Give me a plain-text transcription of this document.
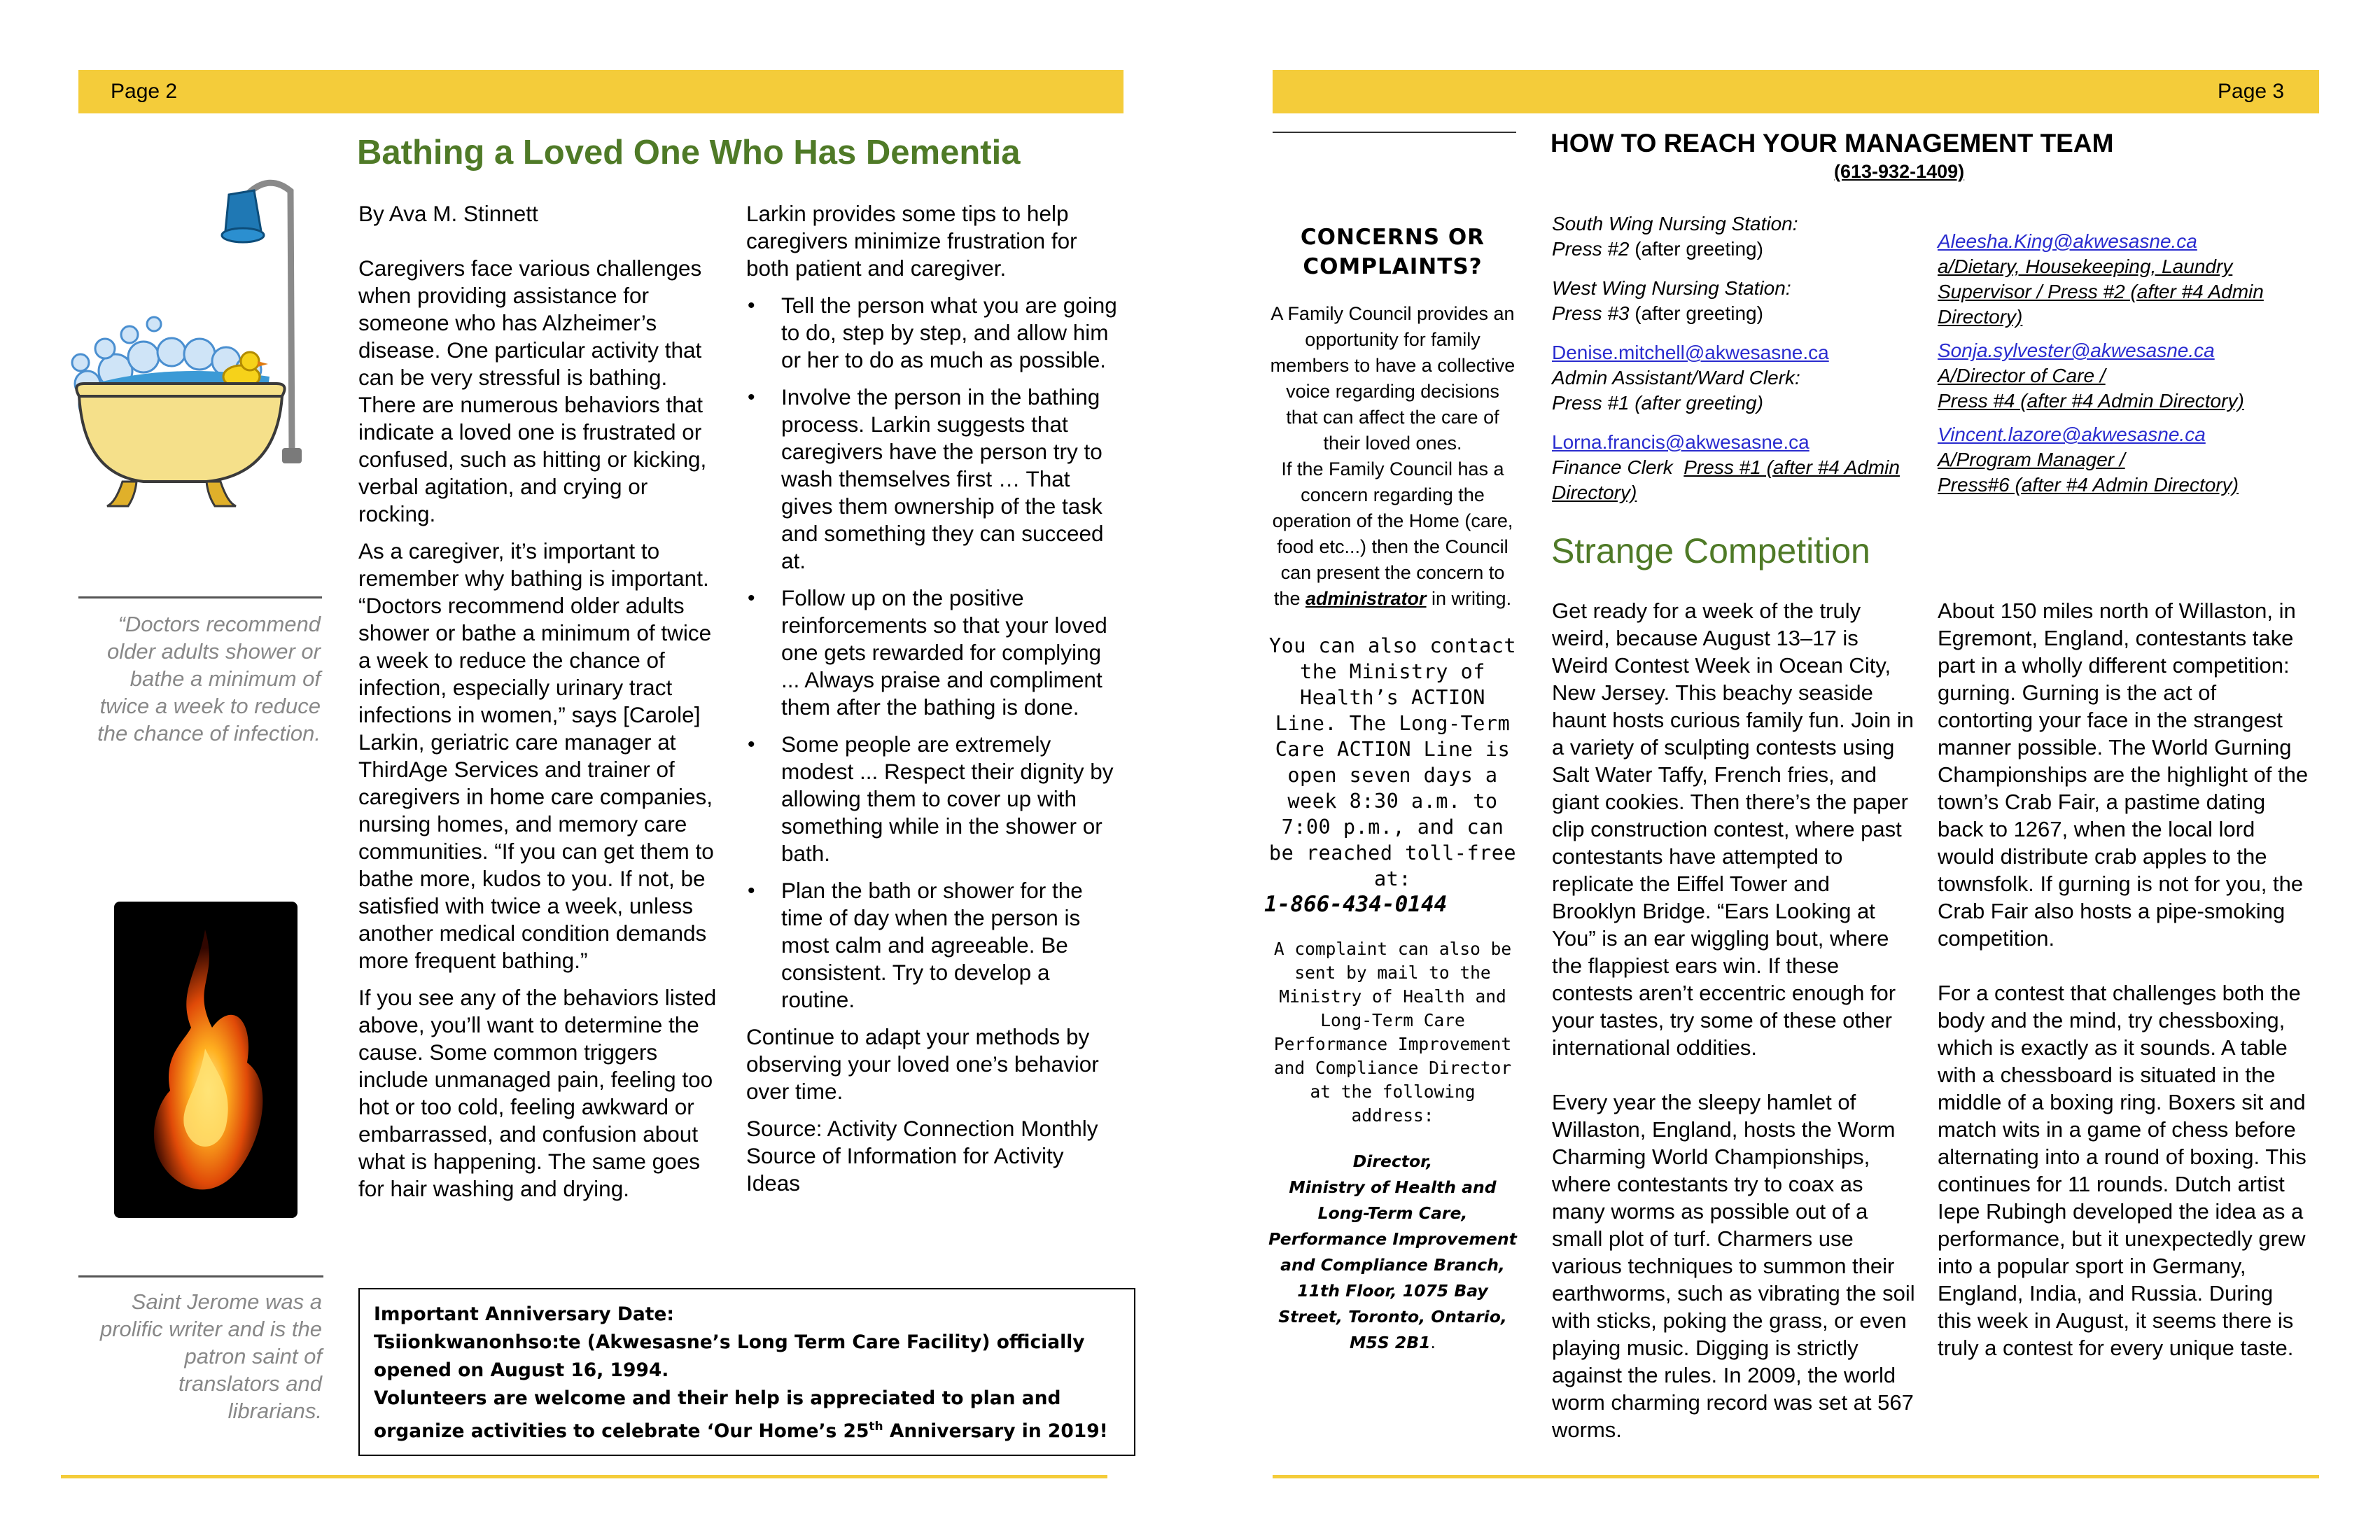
Page 2
Bathing a Loved One Who Has Dementia

By Ava M. Stinnett

Caregivers face various challenges when providing assistance for someone who has Alzheimer’s disease. One particular activity that can be very stressful is bathing. There are numerous behaviors that indicate a loved one is frustrated or confused, such as hitting or kicking, verbal agitation, and crying or rocking.

As a caregiver, it’s important to remember why bathing is important. “Doctors recommend older adults shower or bathe a minimum of twice a week to reduce the chance of infection, especially urinary tract infections in women,” says [Carole] Larkin, geriatric care manager at ThirdAge Services and trainer of caregivers in home care companies, nursing homes, and memory care communities. “If you can get them to bathe more, kudos to you. If not, be satisfied with twice a week, unless another medical condition demands more frequent bathing.”

If you see any of the behaviors listed above, you’ll want to determine the cause. Some common triggers include unmanaged pain, feeling too hot or too cold, feeling awkward or embarrassed, and confusion about what is happening. The same goes for hair washing and drying.

Larkin provides some tips to help caregivers minimize frustration for both patient and caregiver.

• Tell the person what you are going to do, step by step, and allow him or her to do as much as possible.
• Involve the person in the bathing process. Larkin suggests that caregivers have the person try to wash themselves first … That gives them ownership of the task and something they can succeed at.
• Follow up on the positive reinforcements so that your loved one gets rewarded for complying ... Always praise and compliment them after the bathing is done.
• Some people are extremely modest ... Respect their dignity by allowing them to cover up with something while in the shower or bath.
• Plan the bath or shower for the time of day when the person is most calm and agreeable. Be consistent. Try to develop a routine.

Continue to adapt your methods by observing your loved one’s behavior over time.

Source: Activity Connection Monthly Source of Information for Activity Ideas

“Doctors recommend older adults shower or bathe a minimum of twice a week to reduce the chance of infection.
Saint Jerome was a prolific writer and is the patron saint of translators and librarians.
Important Anniversary Date:
Tsiionkwanonhso:te (Akwesasne’s Long Term Care Facility) officially opened on August 16, 1994.
Volunteers are welcome and their help is appreciated to plan and organize activities to celebrate ‘Our Home’s 25th Anniversary in 2019!
Page 3
CONCERNS OR COMPLAINTS?
A Family Council provides an opportunity for family members to have a collective voice regarding decisions that can affect the care of their loved ones.
If the Family Council has a concern regarding the operation of the Home (care, food etc...) then the Council can present the concern to the administrator in writing.
You can also contact the Ministry of Health’s ACTION Line. The Long-Term Care ACTION Line is open seven days a week 8:30 a.m. to 7:00 p.m., and can be reached toll-free at:
1-866-434-0144
A complaint can also be sent by mail to the Ministry of Health and Long-Term Care Performance Improvement and Compliance Director at the following address:
Director,
Ministry of Health and
Long-Term Care,
Performance Improvement
and Compliance Branch,
11th Floor, 1075 Bay
Street, Toronto, Ontario,
M5S 2B1.
HOW TO REACH YOUR MANAGEMENT TEAM
(613-932-1409)
South Wing Nursing Station:
Press #2 (after greeting)
West Wing Nursing Station:
Press #3 (after greeting)
Denise.mitchell@akwesasne.ca
Admin Assistant/Ward Clerk:
Press #1 (after greeting)
Lorna.francis@akwesasne.ca
Finance Clerk Press #1 (after #4 Admin Directory)
Aleesha.King@akwesasne.ca
a/Dietary, Housekeeping, Laundry Supervisor / Press #2 (after #4 Admin Directory)
Sonja.sylvester@akwesasne.ca
A/Director of Care /
Press #4 (after #4 Admin Directory)
Vincent.lazore@akwesasne.ca
A/Program Manager /
Press#6 (after #4 Admin Directory)
Strange Competition

Get ready for a week of the truly weird, because August 13–17 is Weird Contest Week in Ocean City, New Jersey. This beachy seaside haunt hosts curious family fun. Join in a variety of sculpting contests using Salt Water Taffy, French fries, and giant cookies. Then there’s the paper clip construction contest, where past contestants have attempted to replicate the Eiffel Tower and Brooklyn Bridge. “Ears Looking at You” is an ear wiggling bout, where the flappiest ears win. If these contests aren’t eccentric enough for your tastes, try some of these other international oddities.

Every year the sleepy hamlet of Willaston, England, hosts the Worm Charming World Championships, where contestants try to coax as many worms as possible out of a small plot of turf. Charmers use various techniques to summon their earthworms, such as vibrating the soil with sticks, poking the grass, or even playing music. Digging is strictly against the rules. In 2009, the world worm charming record was set at 567 worms.

About 150 miles north of Willaston, in Egremont, England, contestants take part in a wholly different competition: gurning. Gurning is the act of contorting your face in the strangest manner possible. The World Gurning Championships are the highlight of the town’s Crab Fair, a pastime dating back to 1267, when the local lord would distribute crab apples to the townsfolk. If gurning is not for you, the Crab Fair also hosts a pipe-smoking competition.

For a contest that challenges both the body and the mind, try chessboxing, which is exactly as it sounds. A table with a chessboard is situated in the middle of a boxing ring. Boxers sit and match wits in a game of chess before alternating into a round of boxing. This continues for 11 rounds. Dutch artist Iepe Rubingh developed the idea as a performance, but it unexpectedly grew into a popular sport in Germany, England, India, and Russia. During this week in August, it seems there is truly a contest for every unique taste.
